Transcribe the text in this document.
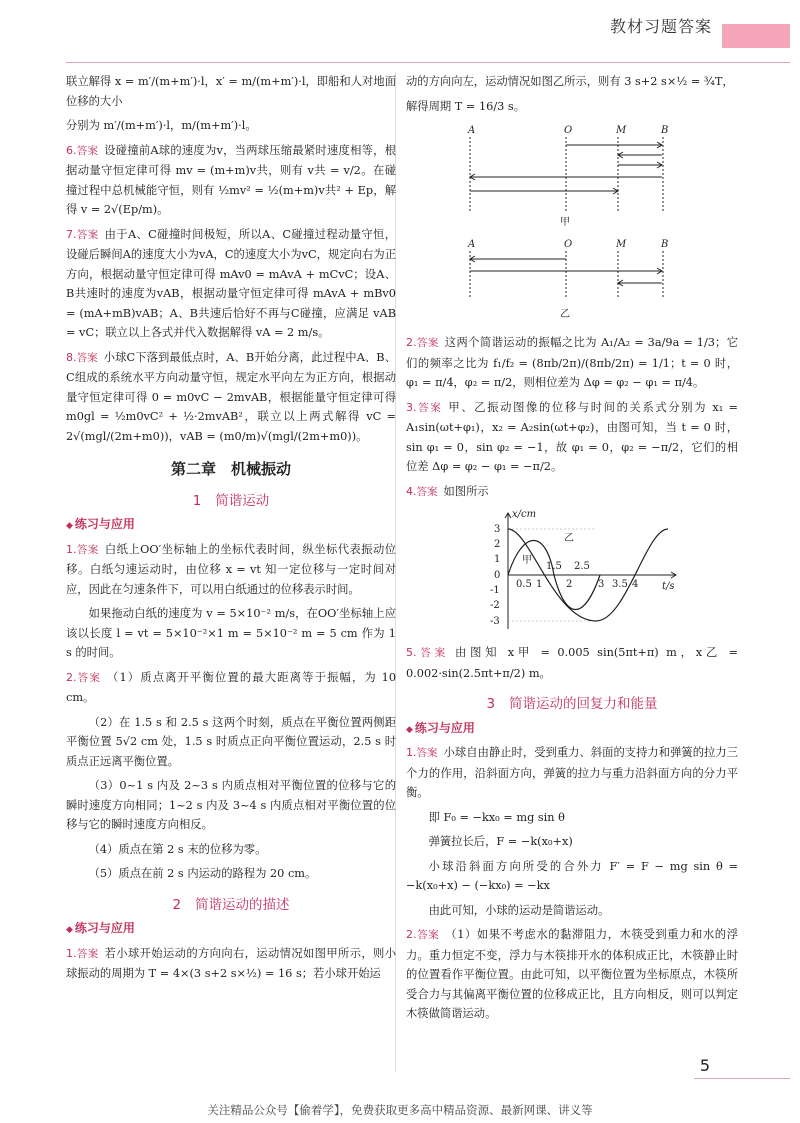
教材习题答案

联立解得 x = m′/(m+m′)·l，x′ = m/(m+m′)·l，即船和人对地面位移的大小

分别为 m′/(m+m′)·l，m/(m+m′)·l。

6.答案 设碰撞前A球的速度为v，当两球压缩最紧时速度相等，根据动量守恒定律可得 mv = (m+m)v共，则有 v共 = v/2。在碰撞过程中总机械能守恒，则有 ½mv² = ½(m+m)v共² + Ep，解得 v = 2√(Ep/m)。

7.答案 由于A、C碰撞时间极短，所以A、C碰撞过程动量守恒，设碰后瞬间A的速度大小为vA，C的速度大小为vC，规定向右为正方向，根据动量守恒定律可得 mAv0 = mAvA + mCvC；设A、B共速时的速度为vAB，根据动量守恒定律可得 mAvA + mBv0 = (mA+mB)vAB；A、B共速后恰好不再与C碰撞，应满足 vAB = vC；联立以上各式并代入数据解得 vA = 2 m/s。

8.答案 小球C下落到最低点时，A、B开始分离，此过程中A、B、C组成的系统水平方向动量守恒，规定水平向左为正方向，根据动量守恒定律可得 0 = m0vC − 2mvAB，根据能量守恒定律可得 m0gl = ½m0vC² + ½·2mvAB²，联立以上两式解得 vC = 2√(mgl/(2m+m0))，vAB = (m0/m)√(mgl/(2m+m0))。

第二章　机械振动
1 简谐运动
◆ 练习与应用

1.答案 白纸上OO′坐标轴上的坐标代表时间，纵坐标代表振动位移。白纸匀速运动时，由位移 x = vt 知一定位移与一定时间对应，因此在匀速条件下，可以用白纸通过的位移表示时间。

如果拖动白纸的速度为 v = 5×10⁻² m/s，在OO′坐标轴上应该以长度 l = vt = 5×10⁻²×1 m = 5×10⁻² m = 5 cm 作为 1 s 的时间。

2.答案 （1）质点离开平衡位置的最大距离等于振幅，为 10 cm。

（2）在 1.5 s 和 2.5 s 这两个时刻，质点在平衡位置两侧距平衡位置 5√2 cm 处，1.5 s 时质点正向平衡位置运动，2.5 s 时质点正远离平衡位置。

（3）0~1 s 内及 2~3 s 内质点相对平衡位置的位移与它的瞬时速度方向相同；1~2 s 内及 3~4 s 内质点相对平衡位置的位移与它的瞬时速度方向相反。

（4）质点在第 2 s 末的位移为零。

（5）质点在前 2 s 内运动的路程为 20 cm。

2 简谐运动的描述
◆ 练习与应用

1.答案 若小球开始运动的方向向右，运动情况如图甲所示，则小球振动的周期为 T = 4×(3 s+2 s×½) = 16 s；若小球开始运

动的方向向左，运动情况如图乙所示，则有 3 s+2 s×½ = ¾T，

解得周期 T = 16/3 s。

A	O	M	B
甲
A	O	M	B
乙

2.答案 这两个简谐运动的振幅之比为 A₁/A₂ = 3a/9a = 1/3；它们的频率之比为 f₁/f₂ = (8πb/2π)/(8πb/2π) = 1/1；t = 0 时，φ₁ = π/4，φ₂ = π/2，则相位差为 Δφ = φ₂ − φ₁ = π/4。

3.答案 甲、乙振动图像的位移与时间的关系式分别为 x₁ = A₁sin(ωt+φ₁)，x₂ = A₂sin(ωt+φ₂)，由图可知，当 t = 0 时，sin φ₁ = 0，sin φ₂ = −1，故 φ₁ = 0，φ₂ = −π/2，它们的相位差 Δφ = φ₂ − φ₁ = −π/2。

4.答案 如图所示

x/cm
t/s
乙
甲
3
2
1
0
-1
-2
-3
0.5 1
1.5
2
2.5
3 3.5 4

5.答案 由图知 x甲 = 0.005 sin(5πt+π) m，x乙 = 0.002·sin(2.5πt+π/2) m。

3 简谐运动的回复力和能量
◆ 练习与应用

1.答案 小球自由静止时，受到重力、斜面的支持力和弹簧的拉力三个力的作用，沿斜面方向，弹簧的拉力与重力沿斜面方向的分力平衡。

即 F₀ = −kx₀ = mg sin θ

弹簧拉长后，F = −k(x₀+x)

小球沿斜面方向所受的合外力 F′ = F − mg sin θ = −k(x₀+x) − (−kx₀) = −kx

由此可知，小球的运动是简谐运动。

2.答案 （1）如果不考虑水的黏滞阻力，木筷受到重力和水的浮力。重力恒定不变，浮力与木筷排开水的体积成正比，木筷静止时的位置看作平衡位置。由此可知，以平衡位置为坐标原点，木筷所受合力与其偏离平衡位置的位移成正比，且方向相反，则可以判定木筷做简谐运动。

5
关注精品公众号【偷着学】，免费获取更多高中精品资源、最新网课、讲义等
